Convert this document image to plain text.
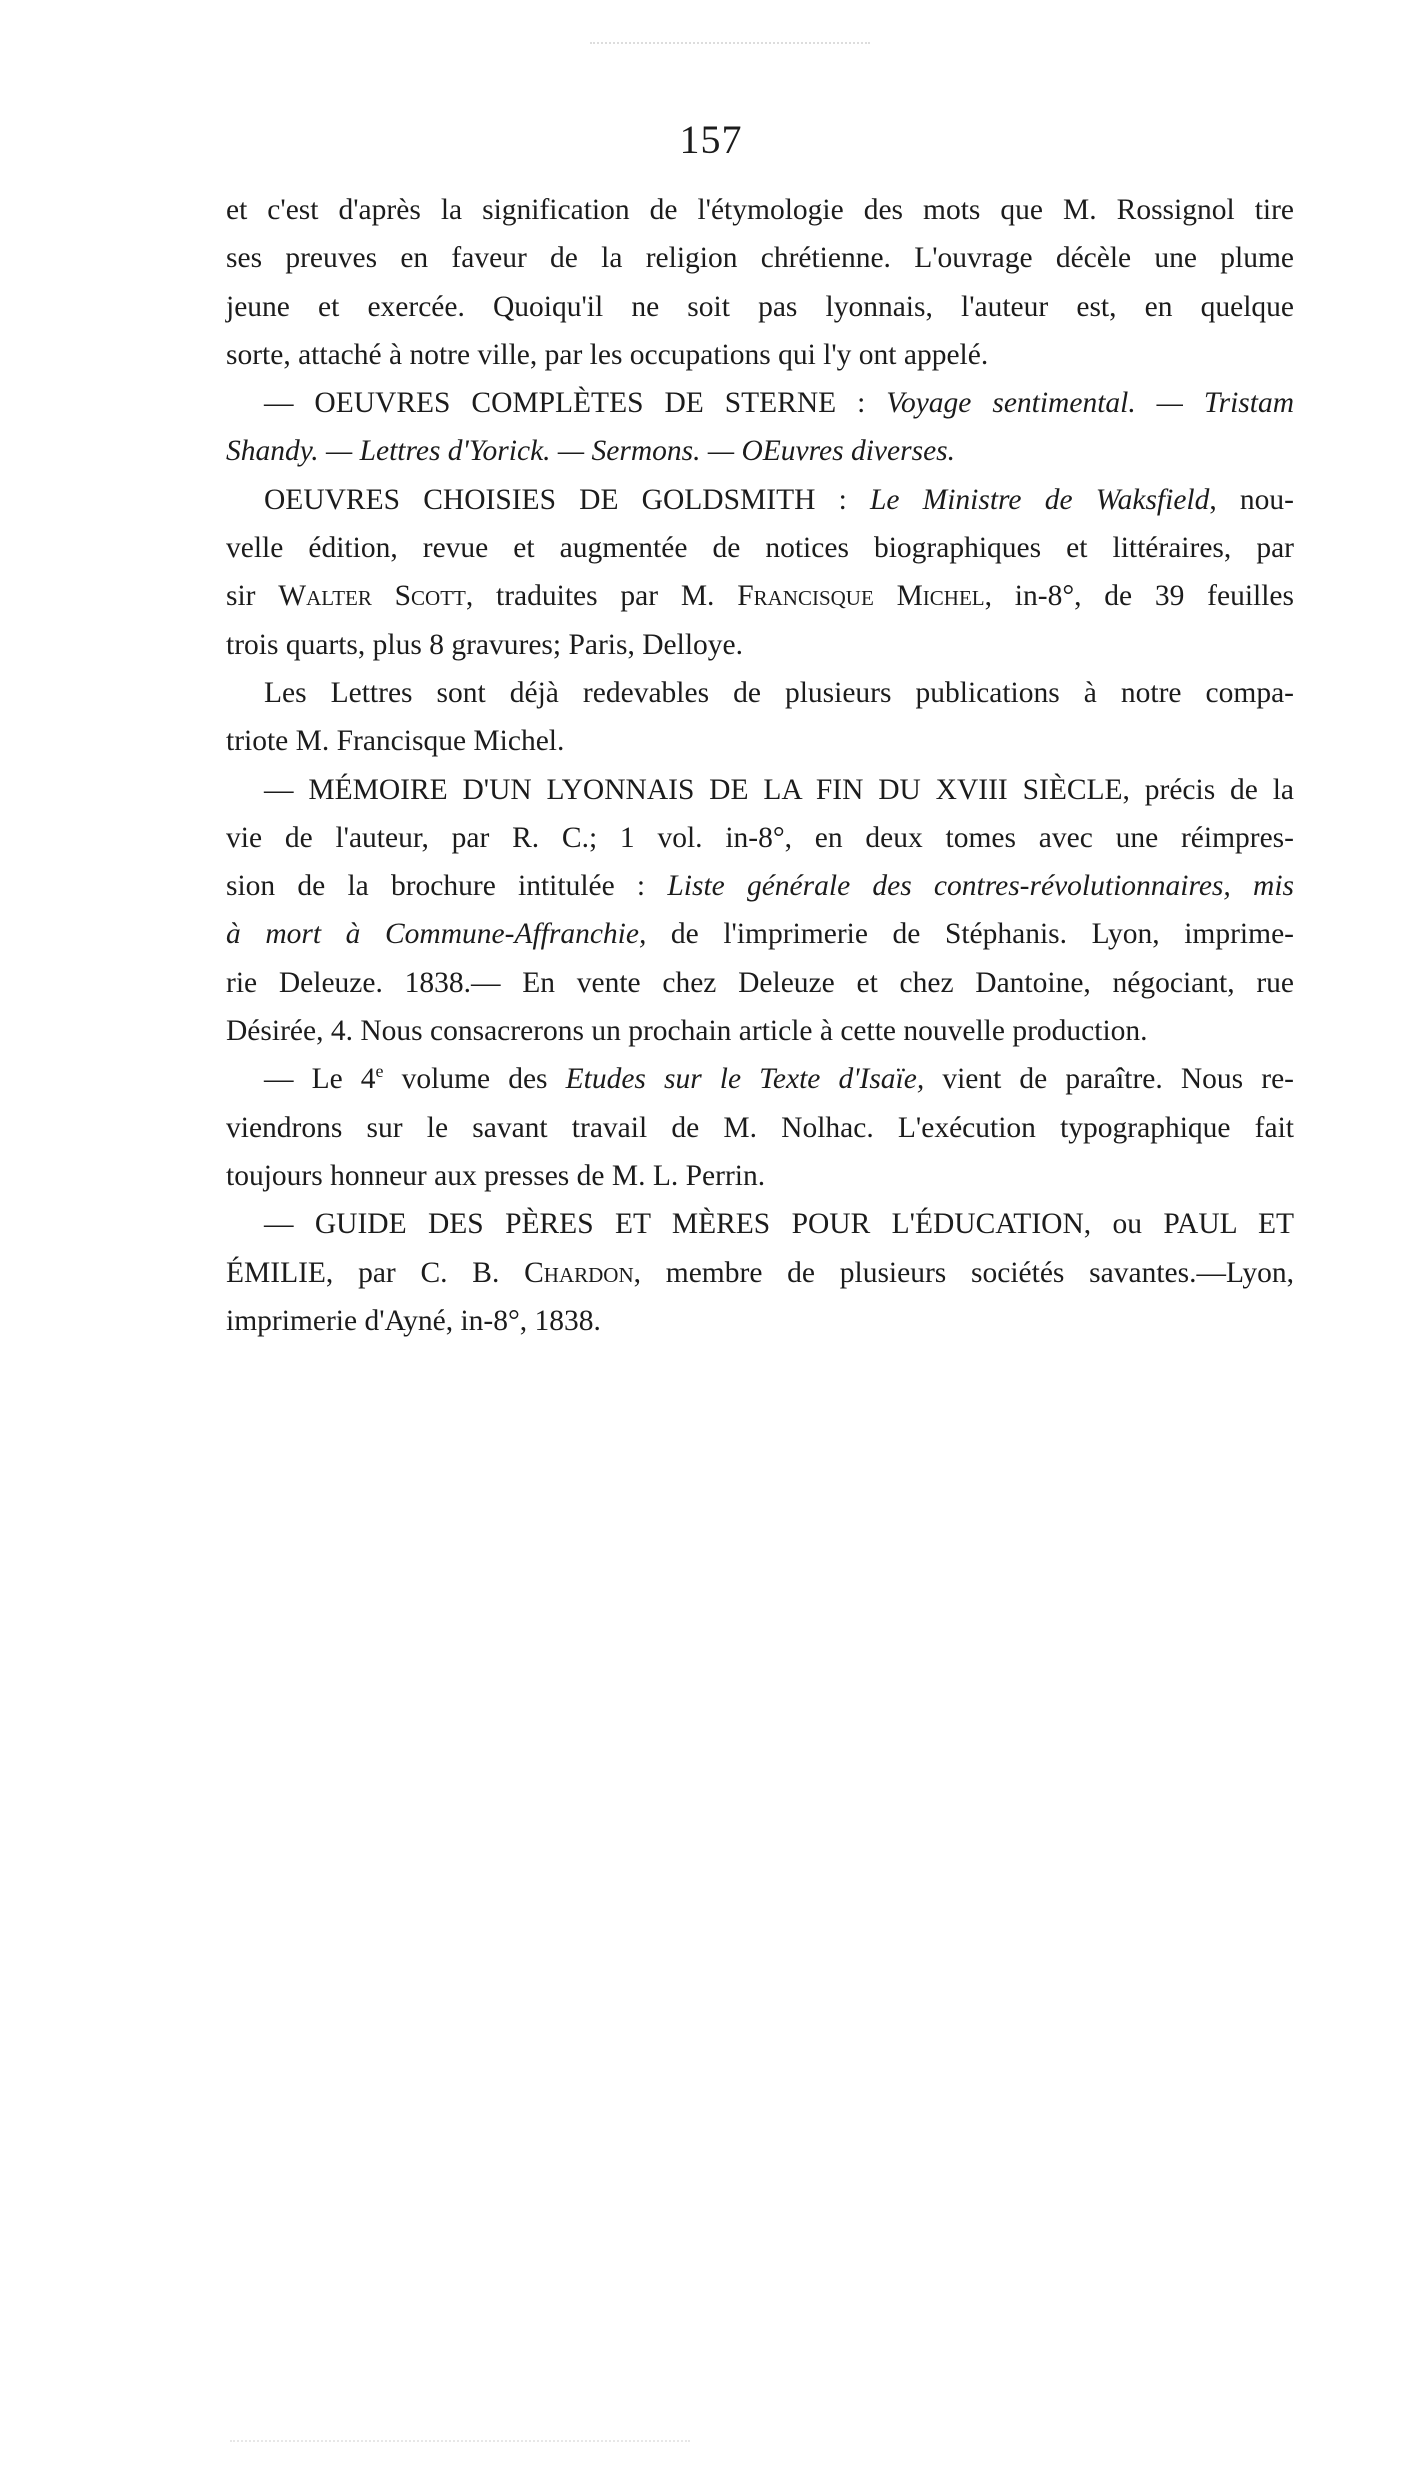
157
et c'est d'après la signification de l'étymologie des mots que M. Rossignol tire
ses preuves en faveur de la religion chrétienne. L'ouvrage décèle une plume
jeune et exercée. Quoiqu'il ne soit pas lyonnais, l'auteur est, en quelque
sorte, attaché à notre ville, par les occupations qui l'y ont appelé.
— OEUVRES COMPLÈTES DE STERNE : Voyage sentimental. — Tristam
Shandy. — Lettres d'Yorick. — Sermons. — OEuvres diverses.
OEUVRES CHOISIES DE GOLDSMITH : Le Ministre de Waksfield, nou-
velle édition, revue et augmentée de notices biographiques et littéraires, par
sir Walter Scott, traduites par M. Francisque Michel, in-8°, de 39 feuilles
trois quarts, plus 8 gravures; Paris, Delloye.
Les Lettres sont déjà redevables de plusieurs publications à notre compa-
triote M. Francisque Michel.
— MÉMOIRE D'UN LYONNAIS DE LA FIN DU XVIII SIÈCLE, précis de la
vie de l'auteur, par R. C.; 1 vol. in-8°, en deux tomes avec une réimpres-
sion de la brochure intitulée : Liste générale des contres-révolutionnaires, mis
à mort à Commune-Affranchie, de l'imprimerie de Stéphanis. Lyon, imprime-
rie Deleuze. 1838.— En vente chez Deleuze et chez Dantoine, négociant, rue
Désirée, 4. Nous consacrerons un prochain article à cette nouvelle production.
— Le 4e volume des Etudes sur le Texte d'Isaïe, vient de paraître. Nous re-
viendrons sur le savant travail de M. Nolhac. L'exécution typographique fait
toujours honneur aux presses de M. L. Perrin.
— GUIDE DES PÈRES ET MÈRES POUR L'ÉDUCATION, ou PAUL ET
ÉMILIE, par C. B. Chardon, membre de plusieurs sociétés savantes.—Lyon,
imprimerie d'Ayné, in-8°, 1838.
